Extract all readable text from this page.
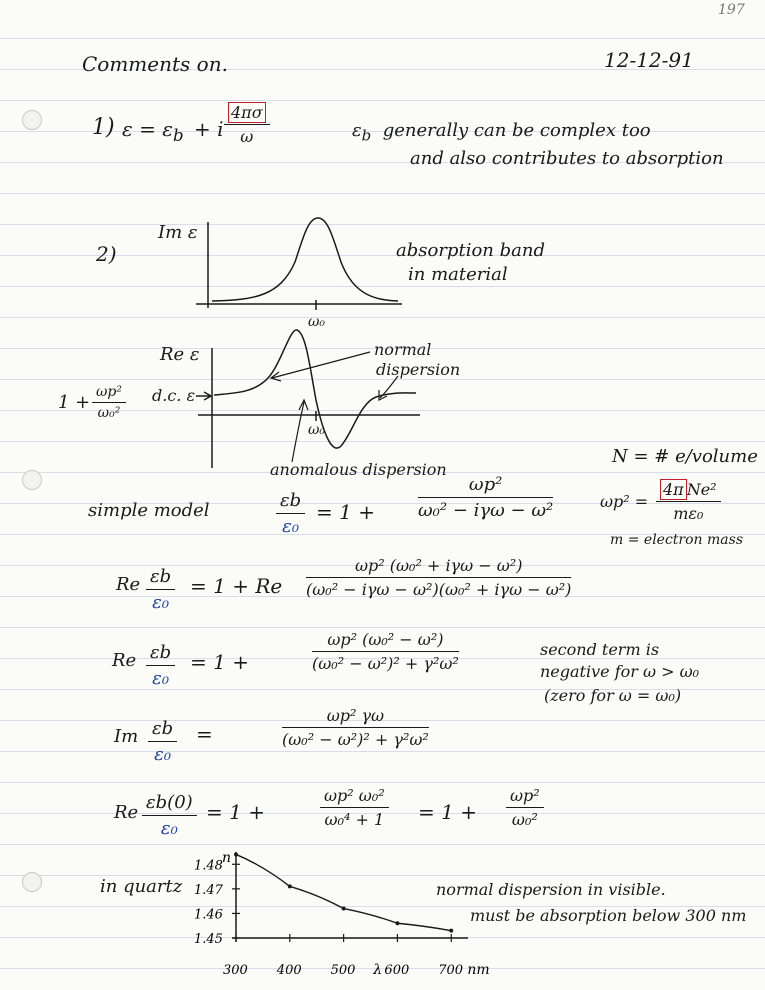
197
Comments on.	12-12-91
1) $\varepsilon = \varepsilon_b + i \frac{4\pi\sigma}{\omega}$	$\varepsilon_b$ generally can be complex too
and also contributes to absorption
2)
Im ε
absorption band
in material
ω₀
Re ε
d.c. ε
ω₀
normal
dispersion
anomalous dispersion
$1 + \frac{\text{ωp²}}{\text{ω₀²}}$
simple model	$\frac{\varepsilon b}{\text{ε₀}} = 1$ +
ωp²
ω₀² − iγω − ω²
N = # e/volume
ωp² =
4π Ne²
mε₀
m = electron mass
Re $\frac{\varepsilon b}{\text{ε₀}} = 1 + Re$
ωp² (ω₀² + iγω − ω²)
(ω₀² − iγω − ω²)(ω₀² + iγω − ω²)
Re $\frac{\varepsilon b}{\text{ε₀}} = 1$ +	$\frac{\text{ωp² (ω₀² − ω²)}}{\text{(ω₀² − ω²)² + γ²ω²}}$	second term is
negative for ω > ω₀
(zero for ω = ω₀)
Im $\frac{\varepsilon b}{\text{ε₀}}$ =	$\frac{\text{ωp² γω}}{\text{(ω₀² − ω²)² + γ²ω²}}$
Re $\frac{\varepsilon b(0)}{\text{ε₀}} = 1$ +	$\frac{\text{ωp² ω₀²}}{\text{ω₀⁴ + 1}} = 1 + \frac{\text{ωp²}}{\text{ω₀²}}$
in quartz	normal dispersion in visible.
must be absorption below 300 nm
n
1.48
1.47
1.46
1.45
300 400 500 600 700
λ	nm
